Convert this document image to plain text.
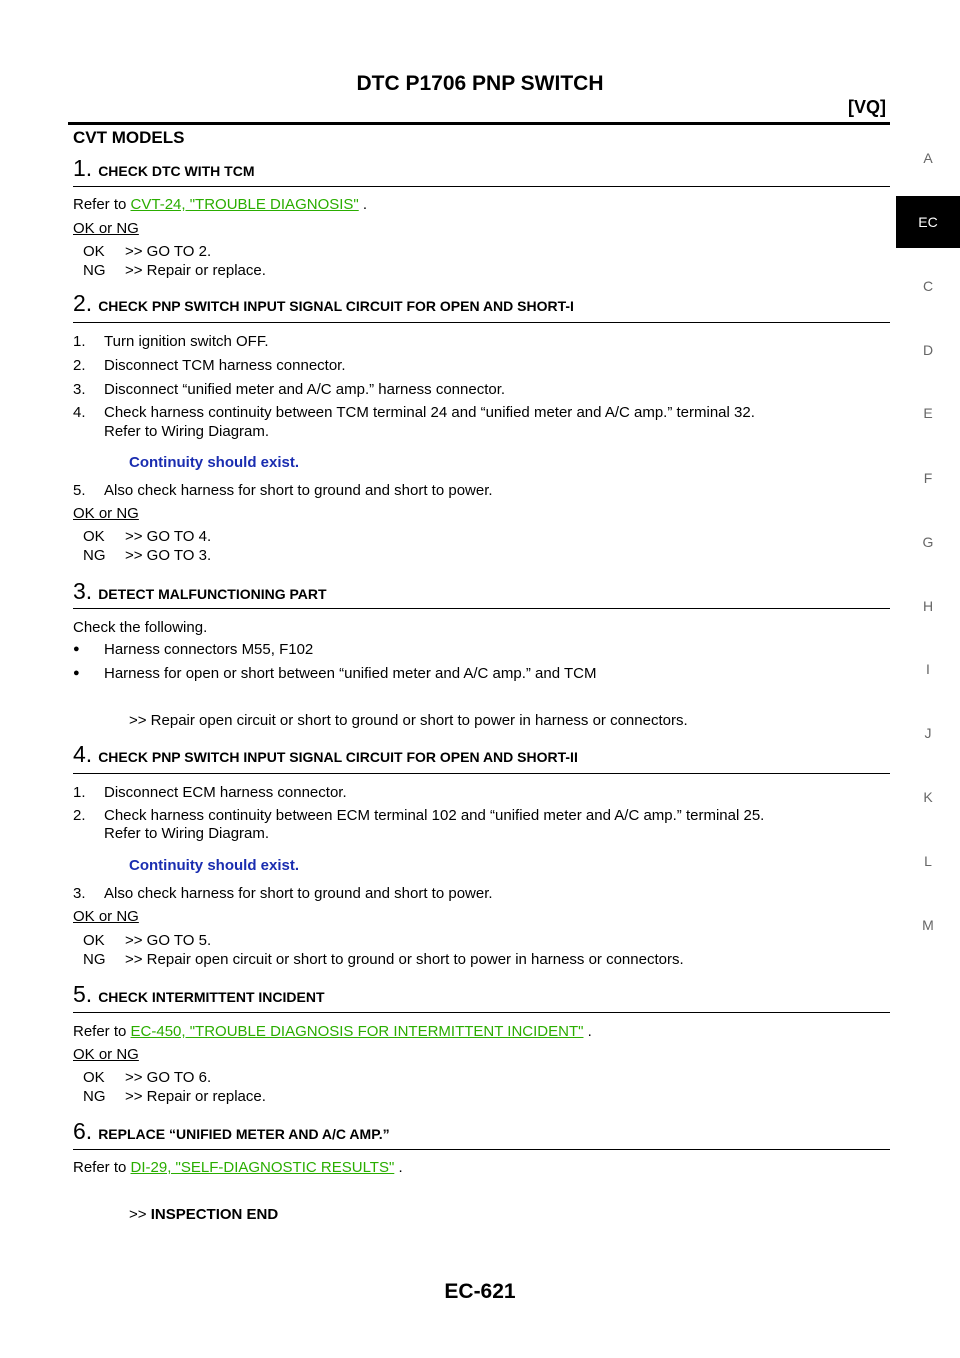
DTC P1706 PNP SWITCH
[VQ]
CVT MODELS
A
EC
C
D
E
F
G
H
I
J
K
L
M
1. CHECK DTC WITH TCM
Refer to CVT-24, "TROUBLE DIAGNOSIS" .
OK or NG
OK >> GO TO 2.
NG >> Repair or replace.
2. CHECK PNP SWITCH INPUT SIGNAL CIRCUIT FOR OPEN AND SHORT-I
1. Turn ignition switch OFF.
2. Disconnect TCM harness connector.
3. Disconnect “unified meter and A/C amp.” harness connector.
4. Check harness continuity between TCM terminal 24 and “unified meter and A/C amp.” terminal 32.
Refer to Wiring Diagram.
Continuity should exist.
5. Also check harness for short to ground and short to power.
OK or NG
OK >> GO TO 4.
NG >> GO TO 3.
3. DETECT MALFUNCTIONING PART
Check the following.
● Harness connectors M55, F102
● Harness for open or short between “unified meter and A/C amp.” and TCM
>> Repair open circuit or short to ground or short to power in harness or connectors.
4. CHECK PNP SWITCH INPUT SIGNAL CIRCUIT FOR OPEN AND SHORT-II
1. Disconnect ECM harness connector.
2. Check harness continuity between ECM terminal 102 and “unified meter and A/C amp.” terminal 25.
Refer to Wiring Diagram.
Continuity should exist.
3. Also check harness for short to ground and short to power.
OK or NG
OK >> GO TO 5.
NG >> Repair open circuit or short to ground or short to power in harness or connectors.
5. CHECK INTERMITTENT INCIDENT
Refer to EC-450, "TROUBLE DIAGNOSIS FOR INTERMITTENT INCIDENT" .
OK or NG
OK >> GO TO 6.
NG >> Repair or replace.
6. REPLACE “UNIFIED METER AND A/C AMP.”
Refer to DI-29, "SELF-DIAGNOSTIC RESULTS" .
>> INSPECTION END
EC-621
